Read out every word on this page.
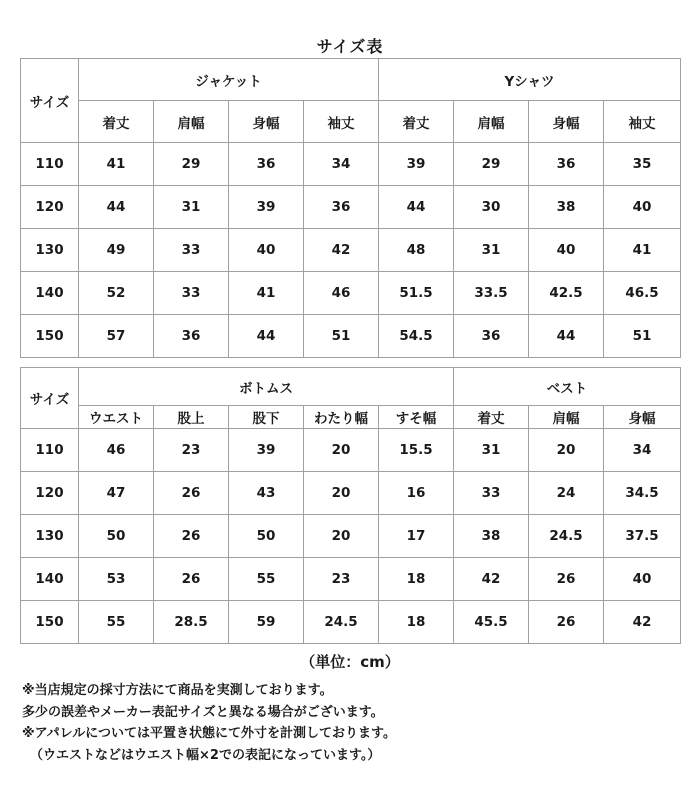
サイズ表
サイズ	ジャケット				Yシャツ			
	着丈	肩幅	身幅	袖丈	着丈	肩幅	身幅	袖丈
110	41	29	36	34	39	29	36	35
120	44	31	39	36	44	30	38	40
130	49	33	40	42	48	31	40	41
140	52	33	41	46	51.5	33.5	42.5	46.5
150	57	36	44	51	54.5	36	44	51
サイズ	ボトムス					ベスト		
	ウエスト	股上	股下	わたり幅	すそ幅	着丈	肩幅	身幅
110	46	23	39	20	15.5	31	20	34
120	47	26	43	20	16	33	24	34.5
130	50	26	50	20	17	38	24.5	37.5
140	53	26	55	23	18	42	26	40
150	55	28.5	59	24.5	18	45.5	26	42
（単位：cm）
※当店規定の採寸方法にて商品を実測しております。
多少の誤差やメーカー表記サイズと異なる場合がございます。
※アパレルについては平置き状態にて外寸を計測しております。
（ウエストなどはウエスト幅×2での表記になっています。）
